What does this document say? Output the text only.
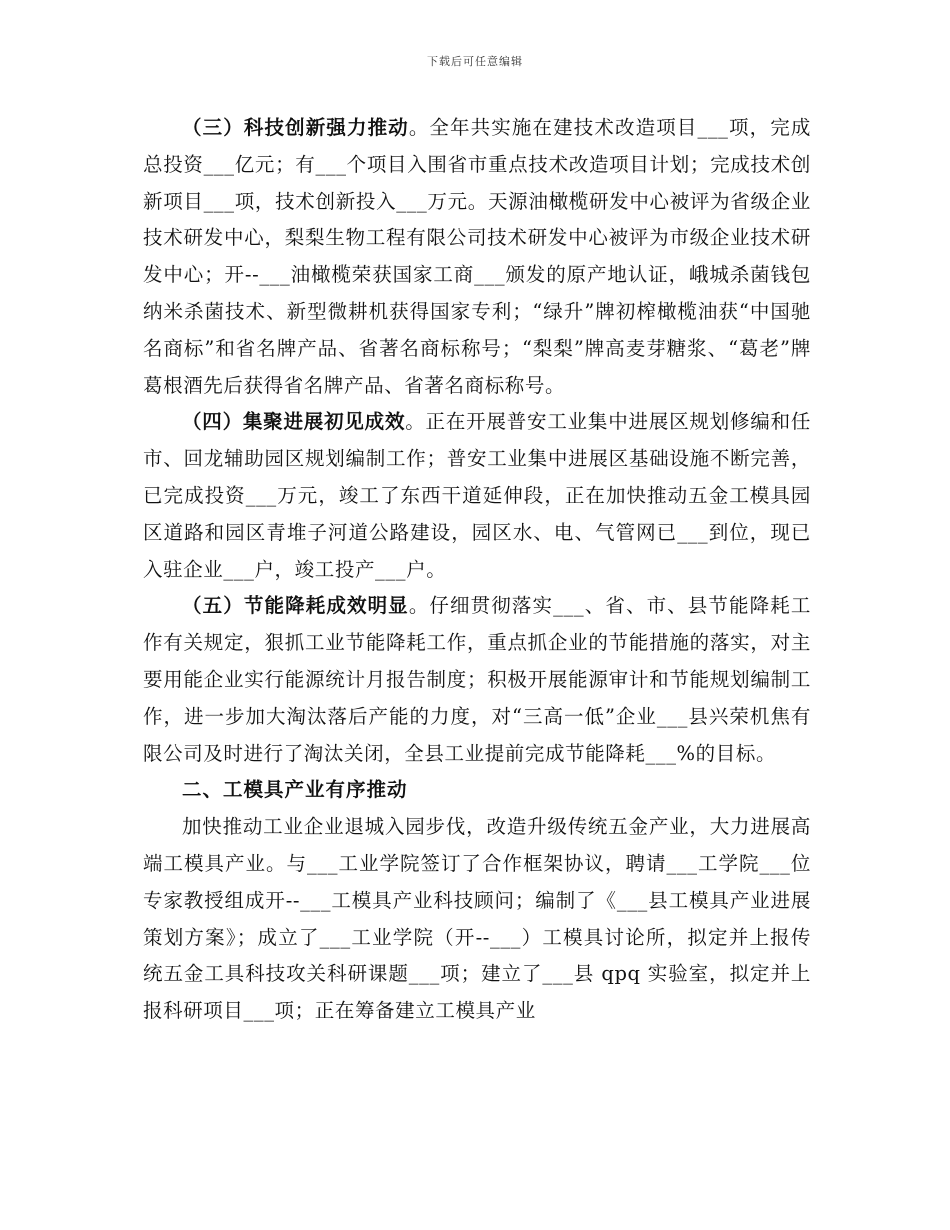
下载后可任意编辑

（三）科技创新强力推动。全年共实施在建技术改造项目___项，完成总投资___亿元；有___个项目入围省市重点技术改造项目计划；完成技术创新项目___项，技术创新投入___万元。天源油橄榄研发中心被评为省级企业技术研发中心，梨梨生物工程有限公司技术研发中心被评为市级企业技术研发中心；开--___油橄榄荣获国家工商___颁发的原产地认证，峨城杀菌钱包纳米杀菌技术、新型微耕机获得国家专利；“绿升”牌初榨橄榄油获“中国驰名商标”和省名牌产品、省著名商标称号；“梨梨”牌高麦芽糖浆、“葛老”牌葛根酒先后获得省名牌产品、省著名商标称号。

（四）集聚进展初见成效。正在开展普安工业集中进展区规划修编和任市、回龙辅助园区规划编制工作；普安工业集中进展区基础设施不断完善，已完成投资___万元，竣工了东西干道延伸段，正在加快推动五金工模具园区道路和园区青堆子河道公路建设，园区水、电、气管网已___到位，现已入驻企业___户，竣工投产___户。

（五）节能降耗成效明显。仔细贯彻落实___、省、市、县节能降耗工作有关规定，狠抓工业节能降耗工作，重点抓企业的节能措施的落实，对主要用能企业实行能源统计月报告制度；积极开展能源审计和节能规划编制工作，进一步加大淘汰落后产能的力度，对“三高一低”企业___县兴荣机焦有限公司及时进行了淘汰关闭，全县工业提前完成节能降耗___%的目标。

二、工模具产业有序推动

加快推动工业企业退城入园步伐，改造升级传统五金产业，大力进展高端工模具产业。与___工业学院签订了合作框架协议，聘请___工学院___位专家教授组成开--___工模具产业科技顾问；编制了《___县工模具产业进展策划方案》；成立了___工业学院（开--___）工模具讨论所，拟定并上报传统五金工具科技攻关科研课题___项；建立了___县 qpq 实验室，拟定并上报科研项目___项；正在筹备建立工模具产业
